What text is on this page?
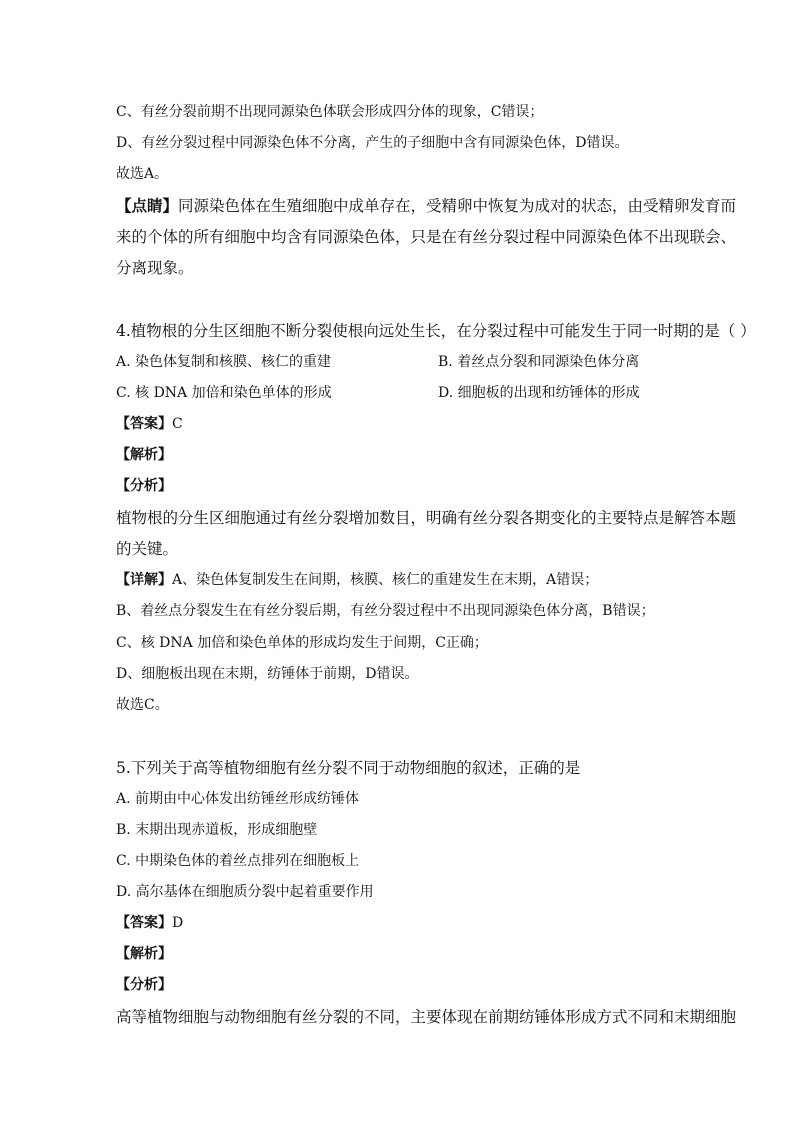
C、有丝分裂前期不出现同源染色体联会形成四分体的现象，C错误；
D、有丝分裂过程中同源染色体不分离，产生的子细胞中含有同源染色体，D错误。
故选A。
【点睛】同源染色体在生殖细胞中成单存在，受精卵中恢复为成对的状态，由受精卵发育而
来的个体的所有细胞中均含有同源染色体，只是在有丝分裂过程中同源染色体不出现联会、
分离现象。
4.植物根的分生区细胞不断分裂使根向远处生长，在分裂过程中可能发生于同一时期的是（ ）
A. 染色体复制和核膜、核仁的重建	B. 着丝点分裂和同源染色体分离
C. 核 DNA 加倍和染色单体的形成	D. 细胞板的出现和纺锤体的形成
【答案】C
【解析】
【分析】
植物根的分生区细胞通过有丝分裂增加数目，明确有丝分裂各期变化的主要特点是解答本题
的关键。
【详解】A、染色体复制发生在间期，核膜、核仁的重建发生在末期，A错误；
B、着丝点分裂发生在有丝分裂后期，有丝分裂过程中不出现同源染色体分离，B错误；
C、核 DNA 加倍和染色单体的形成均发生于间期，C正确；
D、细胞板出现在末期，纺锤体于前期，D错误。
故选C。
5.下列关于高等植物细胞有丝分裂不同于动物细胞的叙述，正确的是
A. 前期由中心体发出纺锤丝形成纺锤体
B. 末期出现赤道板，形成细胞壁
C. 中期染色体的着丝点排列在细胞板上
D. 高尔基体在细胞质分裂中起着重要作用
【答案】D
【解析】
【分析】
高等植物细胞与动物细胞有丝分裂的不同，主要体现在前期纺锤体形成方式不同和末期细胞
